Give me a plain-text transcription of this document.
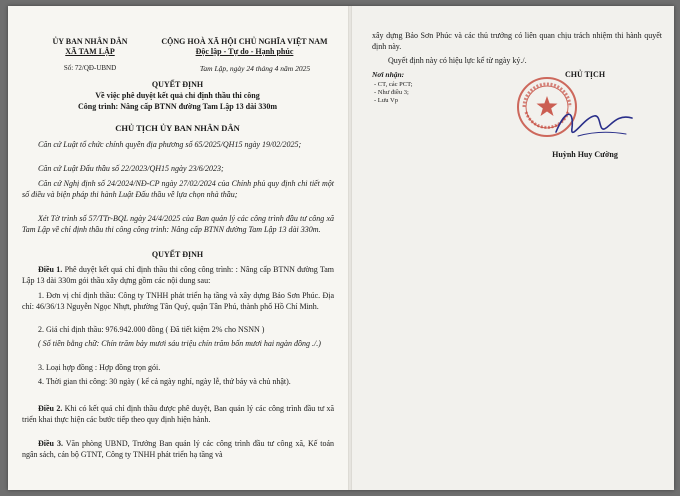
ỦY BAN NHÂN DÂN
XÃ TAM LẬP
Số: 72/QĐ-UBND
CỘNG HOÀ XÃ HỘI CHỦ NGHĨA VIỆT NAM
Độc lập - Tự do - Hạnh phúc
Tam Lập, ngày 24 tháng 4 năm 2025
QUYẾT ĐỊNH
Về việc phê duyệt kết quả chỉ định thầu thi công
Công trình: Nâng cấp BTNN đường Tam Lập 13 dài 330m
CHỦ TỊCH ỦY BAN NHÂN DÂN
Căn cứ Luật tổ chức chính quyền địa phương số 65/2025/QH15 ngày 19/02/2025;
Căn cứ Luật Đấu thầu số 22/2023/QH15 ngày 23/6/2023;
Căn cứ Nghị định số 24/2024/NĐ-CP ngày 27/02/2024 của Chính phủ quy định chi tiết một số điều và biện pháp thi hành Luật Đấu thầu về lựa chọn nhà thầu;
Xét Tờ trình số 57/TTr-BQL ngày 24/4/2025 của Ban quản lý các công trình đầu tư công xã Tam Lập về chỉ định thầu thi công công trình: Nâng cấp BTNN đường Tam Lập 13 dài 330m.
QUYẾT ĐỊNH
Điều 1. Phê duyệt kết quả chỉ định thầu thi công công trình: : Nâng cấp BTNN đường Tam Lập 13 dài 330m gói thầu xây dựng gồm các nội dung sau:
1. Đơn vị chỉ định thầu: Công ty TNHH phát triển hạ tầng và xây dựng Bảo Sơn Phúc. Địa chỉ: 46/36/13 Nguyễn Ngọc Nhựt, phường Tân Quý, quận Tân Phú, thành phố Hồ Chí Minh.
2. Giá chỉ định thầu: 976.942.000 đồng ( Đã tiết kiệm 2% cho NSNN )
( Số tiền bằng chữ: Chín trăm bảy mươi sáu triệu chín trăm bốn mươi hai ngàn đồng ./.)
3. Loại hợp đồng : Hợp đồng trọn gói.
4. Thời gian thi công: 30 ngày ( kể cả ngày nghỉ, ngày lễ, thứ bảy và chủ nhật).
Điều 2. Khi có kết quả chỉ định thầu được phê duyệt, Ban quản lý các công trình đầu tư xã triển khai thực hiện các bước tiếp theo quy định hiện hành.
Điều 3. Văn phòng UBND, Trưởng Ban quản lý các công trình đầu tư công xã, Kế toán ngân sách, cán bộ GTNT, Công ty TNHH phát triển hạ tầng và
xây dựng Bảo Sơn Phúc và các thủ trưởng có liên quan chịu trách nhiệm thi hành quyết định này.
Quyết định này có hiệu lực kể từ ngày ký./.
Nơi nhận:
- CT, các PCT;
- Như điều 3;
- Lưu Vp
CHỦ TỊCH
Huỳnh Huy Cường
